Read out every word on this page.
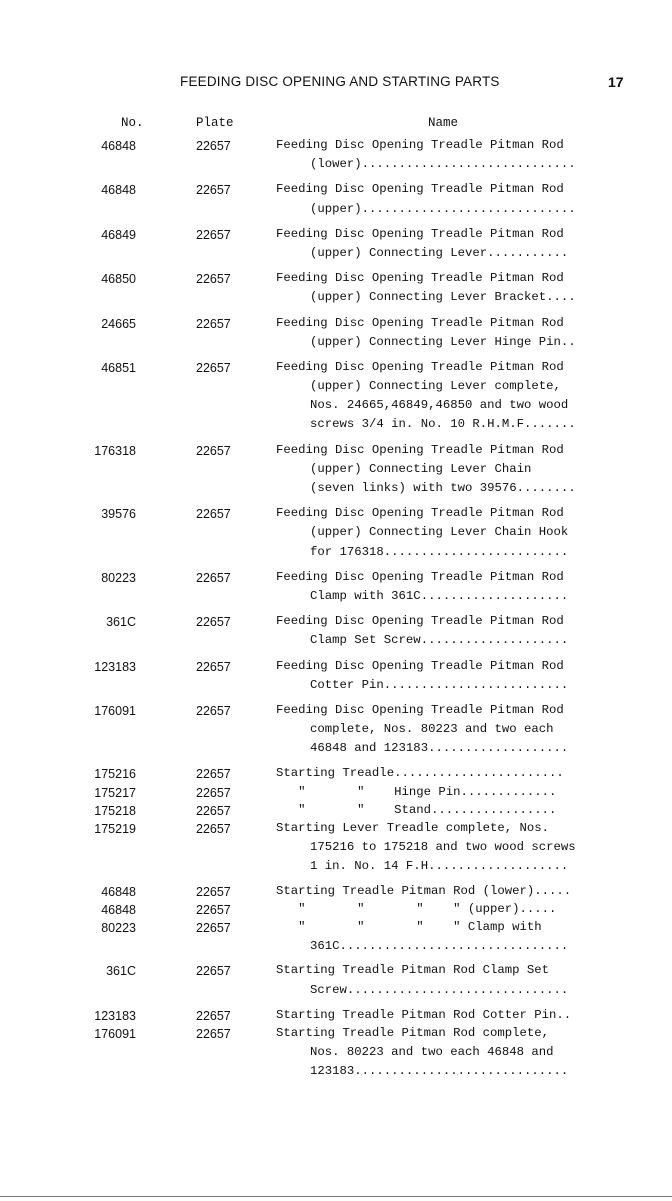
FEEDING DISC OPENING AND STARTING PARTS	17
No.	Plate	Name
46848	22657	Feeding Disc Opening Treadle Pitman Rod
(lower).............................
46848	22657	Feeding Disc Opening Treadle Pitman Rod
(upper).............................
46849	22657	Feeding Disc Opening Treadle Pitman Rod
(upper) Connecting Lever...........
46850	22657	Feeding Disc Opening Treadle Pitman Rod
(upper) Connecting Lever Bracket....
24665	22657	Feeding Disc Opening Treadle Pitman Rod
(upper) Connecting Lever Hinge Pin..
46851	22657	Feeding Disc Opening Treadle Pitman Rod
(upper) Connecting Lever complete,
Nos. 24665,46849,46850 and two wood
screws 3/4 in. No. 10 R.H.M.F.......
176318	22657	Feeding Disc Opening Treadle Pitman Rod
(upper) Connecting Lever Chain
(seven links) with two 39576........
39576	22657	Feeding Disc Opening Treadle Pitman Rod
(upper) Connecting Lever Chain Hook
for 176318.........................
80223	22657	Feeding Disc Opening Treadle Pitman Rod
Clamp with 361C....................
361C	22657	Feeding Disc Opening Treadle Pitman Rod
Clamp Set Screw....................
123183	22657	Feeding Disc Opening Treadle Pitman Rod
Cotter Pin.........................
176091	22657	Feeding Disc Opening Treadle Pitman Rod
complete, Nos. 80223 and two each
46848 and 123183...................
175216	22657	Starting Treadle.......................
175217	22657	"       "    Hinge Pin.............
175218	22657	"       "    Stand.................
175219	22657	Starting Lever Treadle complete, Nos.
175216 to 175218 and two wood screws
1 in. No. 14 F.H...................
46848	22657	Starting Treadle Pitman Rod (lower).....
46848	22657	"       "       "    " (upper).....
80223	22657	"       "       "    " Clamp with
361C...............................
361C	22657	Starting Treadle Pitman Rod Clamp Set
Screw..............................
123183	22657	Starting Treadle Pitman Rod Cotter Pin..
176091	22657	Starting Treadle Pitman Rod complete,
Nos. 80223 and two each 46848 and
123183.............................
